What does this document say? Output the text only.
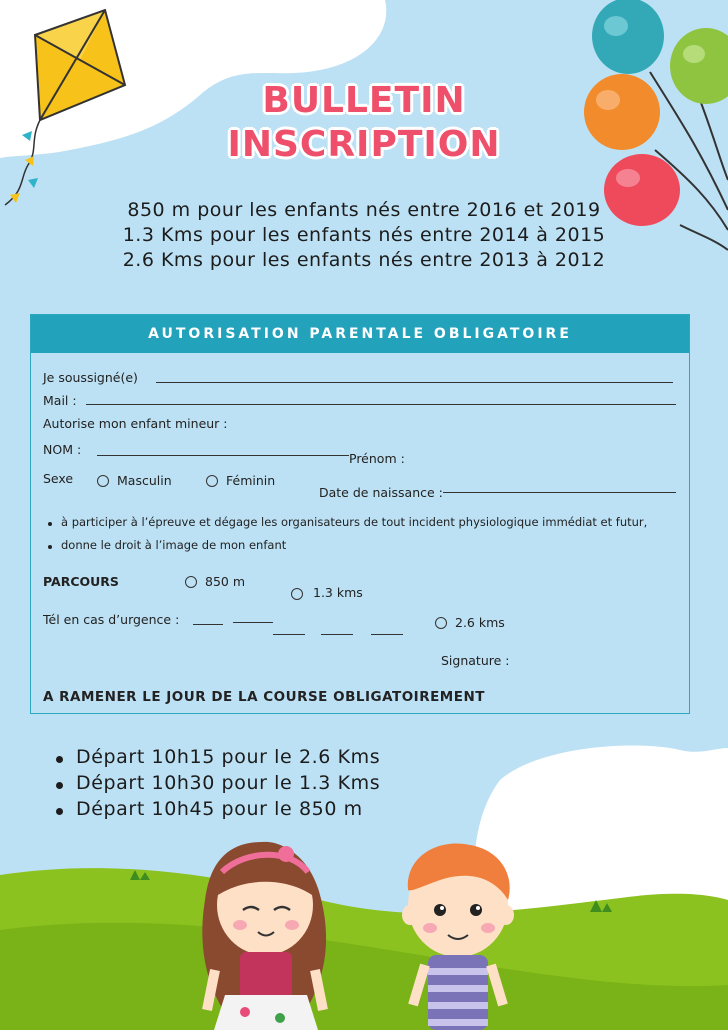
BULLETIN
INSCRIPTION
850 m pour les enfants nés entre 2016 et 2019
1.3 Kms pour les enfants nés entre 2014 à 2015
2.6 Kms pour les enfants nés entre 2013 à 2012
AUTORISATION PARENTALE OBLIGATOIRE
Je soussigné(e)
Mail :
Autorise mon enfant mineur :
NOM :
Prénom :
Sexe	Masculin	Féminin
Date de naissance :
à participer à l’épreuve et dégage les organisateurs de tout incident physiologique immédiat et futur,
donne le droit à l’image de mon enfant
PARCOURS	850 m
1.3 kms
Tél en cas d’urgence :	2.6 kms
Signature :
A RAMENER LE JOUR DE LA COURSE OBLIGATOIREMENT
Départ 10h15 pour le 2.6 Kms
Départ 10h30 pour le 1.3 Kms
Départ 10h45 pour le 850 m
